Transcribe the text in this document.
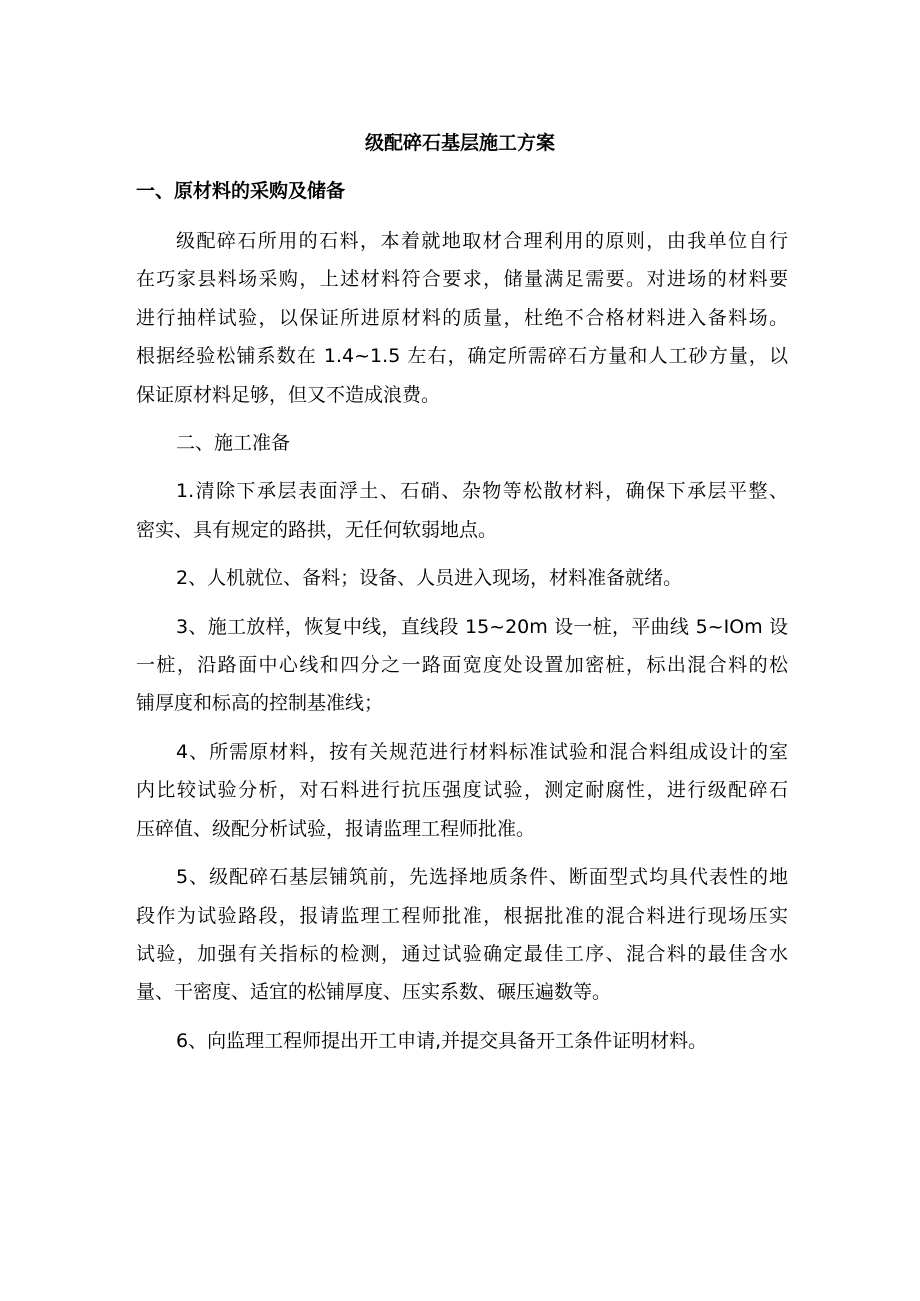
级配碎石基层施工方案
一、原材料的采购及储备

级配碎石所用的石料，本着就地取材合理利用的原则，由我单位自行
在巧家县料场采购，上述材料符合要求，储量满足需要。对进场的材料要
进行抽样试验，以保证所进原材料的质量，杜绝不合格材料进入备料场。
根据经验松铺系数在 1.4~1.5 左右，确定所需碎石方量和人工砂方量，以
保证原材料足够，但又不造成浪费。

二、施工准备

1.清除下承层表面浮土、石硝、杂物等松散材料，确保下承层平整、
密实、具有规定的路拱，无任何软弱地点。

2、人机就位、备料；设备、人员进入现场，材料准备就绪。

3、施工放样，恢复中线，直线段 15~20m 设一桩，平曲线 5~IOm 设
一桩，沿路面中心线和四分之一路面宽度处设置加密桩，标出混合料的松
铺厚度和标高的控制基准线；

4、所需原材料，按有关规范进行材料标准试验和混合料组成设计的室
内比较试验分析，对石料进行抗压强度试验，测定耐腐性，进行级配碎石
压碎值、级配分析试验，报请监理工程师批准。

5、级配碎石基层铺筑前，先选择地质条件、断面型式均具代表性的地
段作为试验路段，报请监理工程师批准，根据批准的混合料进行现场压实
试验，加强有关指标的检测，通过试验确定最佳工序、混合料的最佳含水
量、干密度、适宜的松铺厚度、压实系数、碾压遍数等。

6、向监理工程师提出开工申请,并提交具备开工条件证明材料。
